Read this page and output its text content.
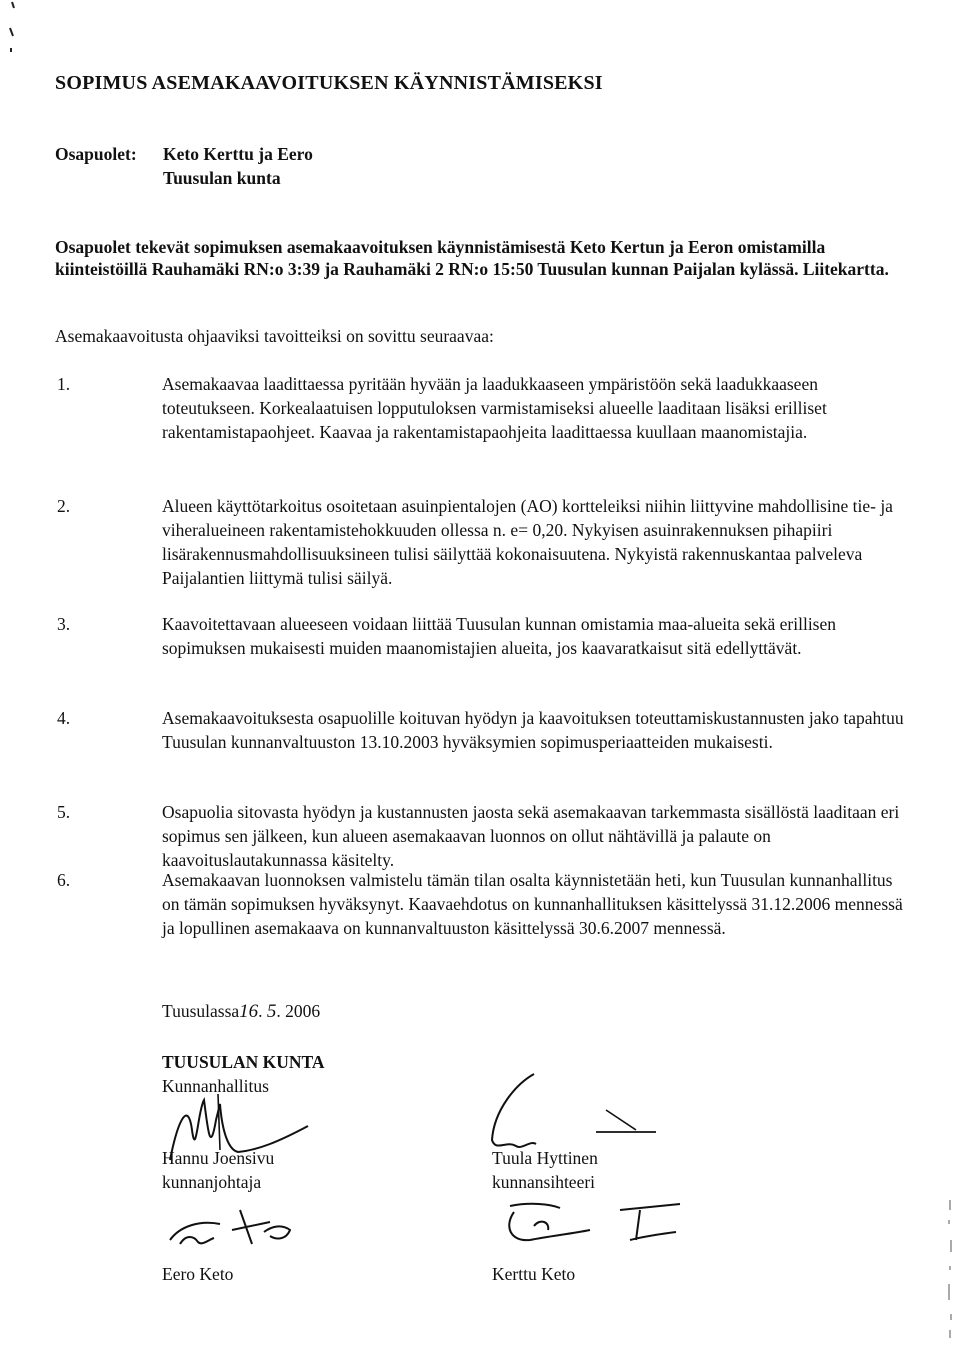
SOPIMUS ASEMAKAAVOITUKSEN KÄYNNISTÄMISEKSI
Osapuolet: Keto Kerttu ja Eero
Tuusulan kunta

Osapuolet tekevät sopimuksen asemakaavoituksen käynnistämisestä Keto Kertun ja Eeron omistamilla kiinteistöillä Rauhamäki RN:o 3:39 ja Rauhamäki 2 RN:o 15:50 Tuusulan kunnan Paijalan kylässä. Liitekartta.

Asemakaavoitusta ohjaaviksi tavoitteiksi on sovittu seuraavaa:

1.	Asemakaavaa laadittaessa pyritään hyvään ja laadukkaaseen ympäristöön sekä laadukkaaseen toteutukseen. Korkealaatuisen lopputuloksen varmistamiseksi alueelle laaditaan lisäksi erilliset rakentamistapaohjeet. Kaavaa ja rakentamistapaohjeita laadittaessa kuullaan maanomistajia.
2.	Alueen käyttötarkoitus osoitetaan asuinpientalojen (AO) kortteleiksi niihin liittyvine mahdollisine tie- ja viheralueineen rakentamistehokkuuden ollessa n. e= 0,20. Nykyisen asuinrakennuksen pihapiiri lisärakennusmahdollisuuksineen tulisi säilyttää kokonaisuutena. Nykyistä rakennuskantaa palveleva Paijalantien liittymä tulisi säilyä.
3.	Kaavoitettavaan alueeseen voidaan liittää Tuusulan kunnan omistamia maa-alueita sekä erillisen sopimuksen mukaisesti muiden maanomistajien alueita, jos kaavaratkaisut sitä edellyttävät.
4.	Asemakaavoituksesta osapuolille koituvan hyödyn ja kaavoituksen toteuttamiskustannusten jako tapahtuu Tuusulan kunnanvaltuuston 13.10.2003 hyväksymien sopimusperiaatteiden mukaisesti.
5.	Osapuolia sitovasta hyödyn ja kustannusten jaosta sekä asemakaavan tarkemmasta sisällöstä laaditaan eri sopimus sen jälkeen, kun alueen asemakaavan luonnos on ollut nähtävillä ja palaute on kaavoituslautakunnassa käsitelty.
6.	Asemakaavan luonnoksen valmistelu tämän tilan osalta käynnistetään heti, kun Tuusulan kunnanhallitus on tämän sopimuksen hyväksynyt. Kaavaehdotus on kunnanhallituksen käsittelyssä 31.12.2006 mennessä ja lopullinen asemakaava on kunnanvaltuuston käsittelyssä 30.6.2007 mennessä.
Tuusulassa16. 5. 2006
TUUSULAN KUNTA
Kunnanhallitus
Hannu Joensivu
kunnanjohtaja
Tuula Hyttinen
kunnansihteeri
Eero Keto	Kerttu Keto
